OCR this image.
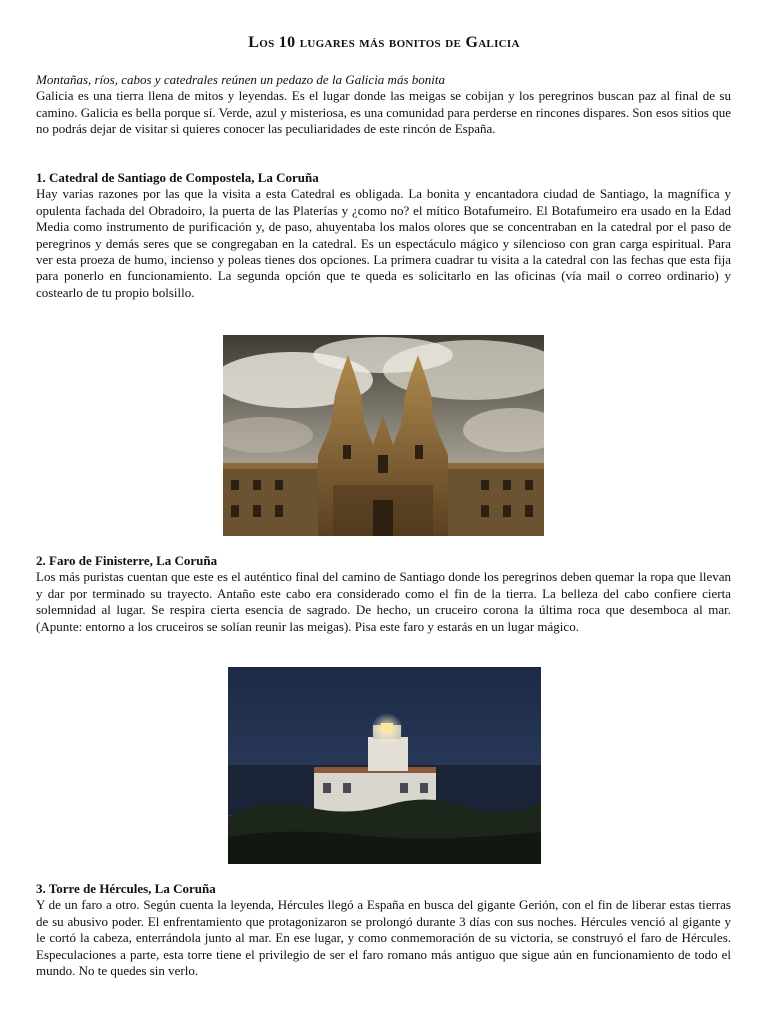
Los 10 lugares más bonitos de Galicia

Montañas, ríos, cabos y catedrales reúnen un pedazo de la Galicia más bonita

Galicia es una tierra llena de mitos y leyendas. Es el lugar donde las meigas se cobijan y los peregrinos buscan paz al final de su camino. Galicia es bella porque sí. Verde, azul y misteriosa, es una comunidad para perderse en rincones dispares. Son esos sitios que no podrás dejar de visitar si quieres conocer las peculiaridades de este rincón de España.

1. Catedral de Santiago de Compostela, La Coruña

Hay varias razones por las que la visita a esta Catedral es obligada. La bonita y encantadora ciudad de Santiago, la magnífica y opulenta fachada del Obradoiro, la puerta de las Platerías y ¿como no? el mítico Botafumeiro. El Botafumeiro era usado en la Edad Media como instrumento de purificación y, de paso, ahuyentaba los malos olores que se concentraban en la catedral por el paso de peregrinos y demás seres que se congregaban en la catedral. Es un espectáculo mágico y silencioso con gran carga espiritual. Para ver esta proeza de humo, incienso y poleas tienes dos opciones. La primera cuadrar tu visita a la catedral con las fechas que esta fija para ponerlo en funcionamiento. La segunda opción que te queda es solicitarlo en las oficinas (vía mail o correo ordinario) y costearlo de tu propio bolsillo.

2. Faro de Finisterre, La Coruña

Los más puristas cuentan que este es el auténtico final del camino de Santiago donde los peregrinos deben quemar la ropa que llevan y dar por terminado su trayecto. Antaño este cabo era considerado como el fin de la tierra. La belleza del cabo confiere cierta solemnidad al lugar. Se respira cierta esencia de sagrado. De hecho, un cruceiro corona la última roca que desemboca al mar. (Apunte: entorno a los cruceiros se solían reunir las meigas). Pisa este faro y estarás en un lugar mágico.

3. Torre de Hércules, La Coruña

Y de un faro a otro. Según cuenta la leyenda, Hércules llegó a España en busca del gigante Gerión, con el fin de liberar estas tierras de su abusivo poder. El enfrentamiento que protagonizaron se prolongó durante 3 días con sus noches. Hércules venció al gigante y le cortó la cabeza, enterrándola junto al mar. En ese lugar, y como conmemoración de su victoria, se construyó el faro de Hércules. Especulaciones a parte, esta torre tiene el privilegio de ser el faro romano más antiguo que sigue aún en funcionamiento de todo el mundo. No te quedes sin verlo.
